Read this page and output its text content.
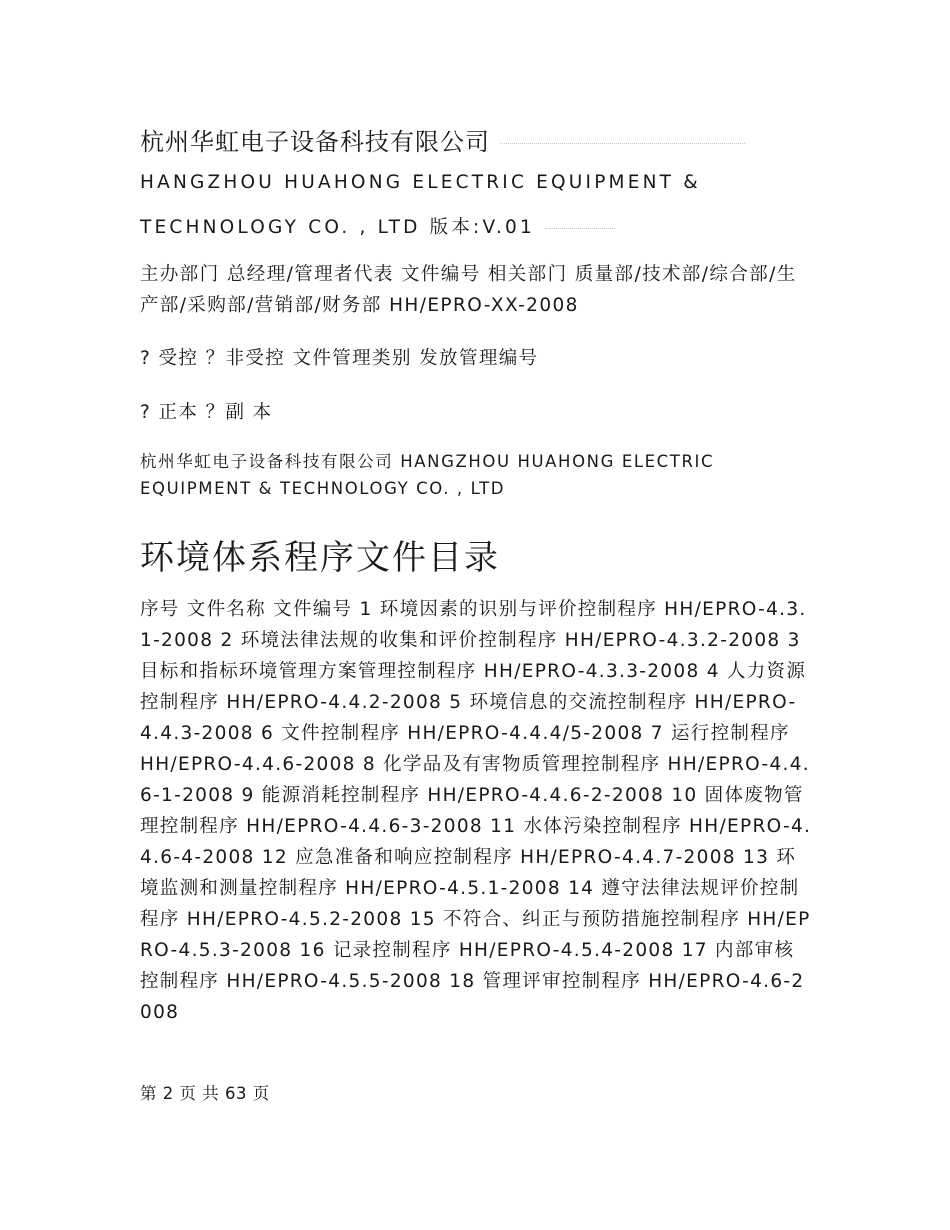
杭州华虹电子设备科技有限公司
HANGZHOU HUAHONG ELECTRIC EQUIPMENT &
TECHNOLOGY CO. , LTD 版本:V.01
主办部门 总经理/管理者代表 文件编号 相关部门 质量部/技术部/综合部/生产部/采购部/营销部/财务部 HH/EPRO-XX-2008
? 受控 ？非受控 文件管理类别 发放管理编号
? 正本 ？副 本
杭州华虹电子设备科技有限公司 HANGZHOU HUAHONG ELECTRIC EQUIPMENT & TECHNOLOGY CO. , LTD
环境体系程序文件目录
序号 文件名称 文件编号 1 环境因素的识别与评价控制程序 HH/EPRO-4.3.1-2008 2 环境法律法规的收集和评价控制程序 HH/EPRO-4.3.2-2008 3 目标和指标环境管理方案管理控制程序 HH/EPRO-4.3.3-2008 4 人力资源控制程序 HH/EPRO-4.4.2-2008 5 环境信息的交流控制程序 HH/EPRO-4.4.3-2008 6 文件控制程序 HH/EPRO-4.4.4/5-2008 7 运行控制程序 HH/EPRO-4.4.6-2008 8 化学品及有害物质管理控制程序 HH/EPRO-4.4.6-1-2008 9 能源消耗控制程序 HH/EPRO-4.4.6-2-2008 10 固体废物管理控制程序 HH/EPRO-4.4.6-3-2008 11 水体污染控制程序 HH/EPRO-4.4.6-4-2008 12 应急准备和响应控制程序 HH/EPRO-4.4.7-2008 13 环境监测和测量控制程序 HH/EPRO-4.5.1-2008 14 遵守法律法规评价控制程序 HH/EPRO-4.5.2-2008 15 不符合、纠正与预防措施控制程序 HH/EPRO-4.5.3-2008 16 记录控制程序 HH/EPRO-4.5.4-2008 17 内部审核控制程序 HH/EPRO-4.5.5-2008 18 管理评审控制程序 HH/EPRO-4.6-2008
第 2 页 共 63 页
